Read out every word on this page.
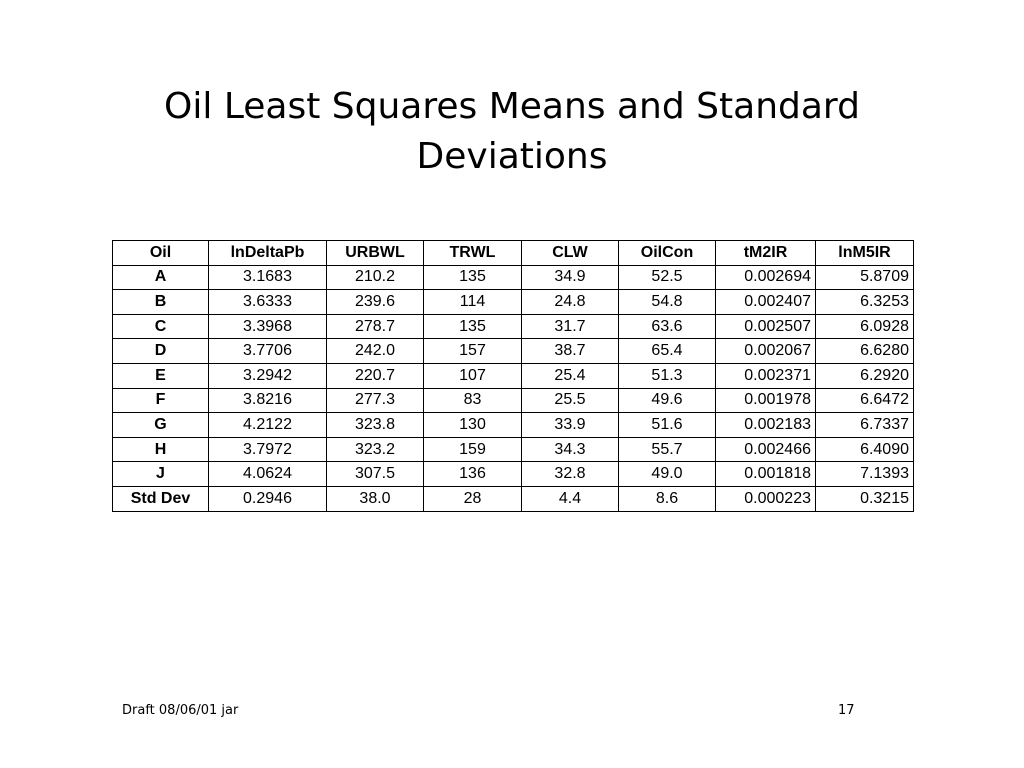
Oil Least Squares Means and Standard
Deviations
Oil	lnDeltaPb	URBWL	TRWL	CLW	OilCon	tM2IR	lnM5IR
A	3.1683	210.2	135	34.9	52.5	0.002694	5.8709
B	3.6333	239.6	114	24.8	54.8	0.002407	6.3253
C	3.3968	278.7	135	31.7	63.6	0.002507	6.0928
D	3.7706	242.0	157	38.7	65.4	0.002067	6.6280
E	3.2942	220.7	107	25.4	51.3	0.002371	6.2920
F	3.8216	277.3	83	25.5	49.6	0.001978	6.6472
G	4.2122	323.8	130	33.9	51.6	0.002183	6.7337
H	3.7972	323.2	159	34.3	55.7	0.002466	6.4090
J	4.0624	307.5	136	32.8	49.0	0.001818	7.1393
Std Dev	0.2946	38.0	28	4.4	8.6	0.000223	0.3215
Draft 08/06/01 jar	17
